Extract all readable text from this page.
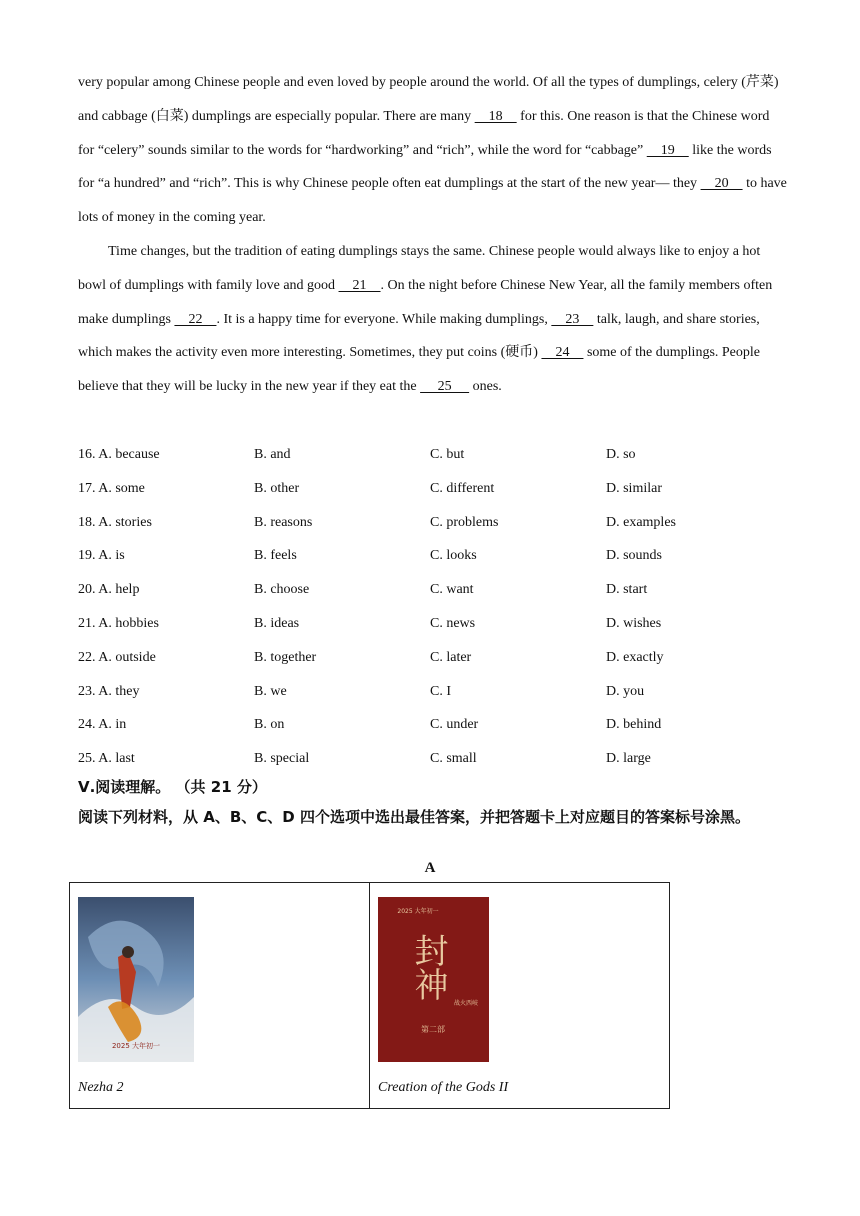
very popular among Chinese people and even loved by people around the world. Of all the types of dumplings, celery (芹菜) and cabbage (白菜) dumplings are especially popular. There are many     18     for this. One reason is that the Chinese word for “celery” sounds similar to the words for “hardworking” and “rich”, while the word for “cabbage”     19     like the words for “a hundred” and “rich”. This is why Chinese people often eat dumplings at the start of the new year— they     20     to have lots of money in the coming year.
Time changes, but the tradition of eating dumplings stays the same. Chinese people would always like to enjoy a hot bowl of dumplings with family love and good     21    . On the night before Chinese New Year, all the family members often make dumplings     22    . It is a happy time for everyone. While making dumplings,     23     talk, laugh, and share stories, which makes the activity even more interesting. Sometimes, they put coins (硬币)     24     some of the dumplings. People believe that they will be lucky in the new year if they eat the      25      ones.
16. A. because	B. and	C. but	D. so
17. A. some	B. other	C. different	D. similar
18. A. stories	B. reasons	C. problems	D. examples
19. A. is	B. feels	C. looks	D. sounds
20. A. help	B. choose	C. want	D. start
21. A. hobbies	B. ideas	C. news	D. wishes
22. A. outside	B. together	C. later	D. exactly
23. A. they	B. we	C. I	D. you
24. A. in	B. on	C. under	D. behind
25. A. last	B. special	C. small	D. large
Ⅴ.阅读理解。 （共 21 分）
阅读下列材料，从 A、B、C、D 四个选项中选出最佳答案，并把答题卡上对应题目的答案标号涂黑。
A
2025 大年初一
Nezha 2

2025 大年初一
封神
第二部
战火西岐
Creation of the Gods II
